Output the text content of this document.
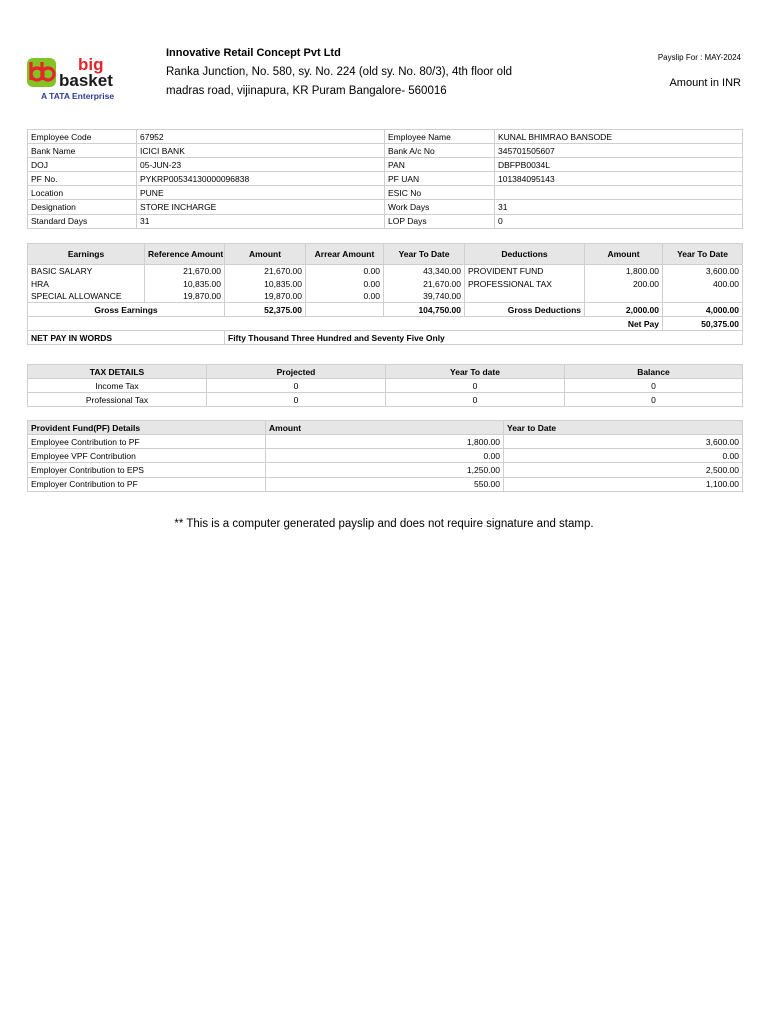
big
basket
A TATA Enterprise
Innovative Retail Concept Pvt Ltd
Ranka Junction, No. 580, sy. No. 224 (old sy. No. 80/3), 4th floor old madras road, vijinapura, KR Puram Bangalore- 560016
Payslip For : MAY-2024
Amount in INR
Employee Code	67952	Employee Name	KUNAL BHIMRAO BANSODE
Bank Name	ICICI BANK	Bank A/c No	345701505607
DOJ	05-JUN-23	PAN	DBFPB0034L
PF No.	PYKRP00534130000096838	PF UAN	101384095143
Location	PUNE	ESIC No	
Designation	STORE INCHARGE	Work Days	31
Standard Days	31	LOP Days	0
Earnings	Reference Amount	Amount	Arrear Amount	Year To Date	Deductions	Amount	Year To Date
BASIC SALARY	21,670.00	21,670.00	0.00	43,340.00	PROVIDENT FUND	1,800.00	3,600.00
HRA	10,835.00	10,835.00	0.00	21,670.00	PROFESSIONAL TAX	200.00	400.00
SPECIAL ALLOWANCE	19,870.00	19,870.00	0.00	39,740.00			
Gross Earnings		52,375.00		104,750.00	Gross Deductions	2,000.00	4,000.00
						Net Pay	50,375.00
NET PAY IN WORDS		Fifty Thousand Three Hundred and Seventy Five Only					
TAX DETAILS	Projected	Year To date	Balance
Income Tax	0	0	0
Professional Tax	0	0	0
Provident Fund(PF) Details	Amount	Year to Date
Employee Contribution to PF	1,800.00	3,600.00
Employee VPF Contribution	0.00	0.00
Employer Contribution to EPS	1,250.00	2,500.00
Employer Contribution to PF	550.00	1,100.00
** This is a computer generated payslip and does not require signature and stamp.
